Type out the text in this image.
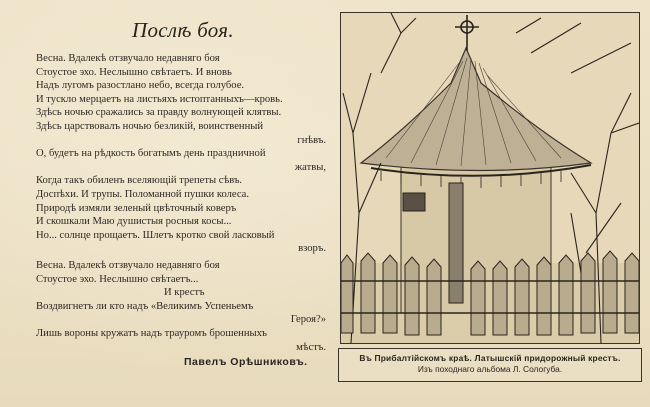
Послѣ боя.
Весна. Вдалекѣ отзвучало недавняго боя
Стоустое эхо. Неслышно свѣтаетъ. И вновь
Надъ лугомъ разостлано небо, всегда голубое.
И тускло мерцаетъ на листьяхъ истоптанныхъ—кровь.
Здѣсь ночью сражались за правду волнующей клятвы.
Здѣсь царствовалъ ночью безликій, воинственный
гнѣвъ.
О, будетъ на рѣдкость богатымъ день праздничной
жатвы,
Когда такъ обиленъ вселяющій трепеты сѣвъ.
Доспѣхи. И трупы. Поломанной пушки колеса.
Природѣ измяли зеленый цвѣточный коверъ
И скошкали Маю душистыя росныя косы...
Но... солнце прощаетъ. Шлетъ кротко свой ласковый
взоръ.
Весна. Вдалекѣ отзвучало недавняго боя
Стоустое эхо. Неслышно свѣтаетъ...
И крестъ
Воздвигнетъ ли кто надъ «Великимъ Успеньемъ
Героя?»
Лишь вороны кружатъ надъ трауромъ брошенныхъ
мѣстъ.
Павелъ Орѣшниковъ.	Въ Прибалтійскомъ краѣ. Латышскій придорожный крестъ.
Изъ походнаго альбома Л. Сологуба.
